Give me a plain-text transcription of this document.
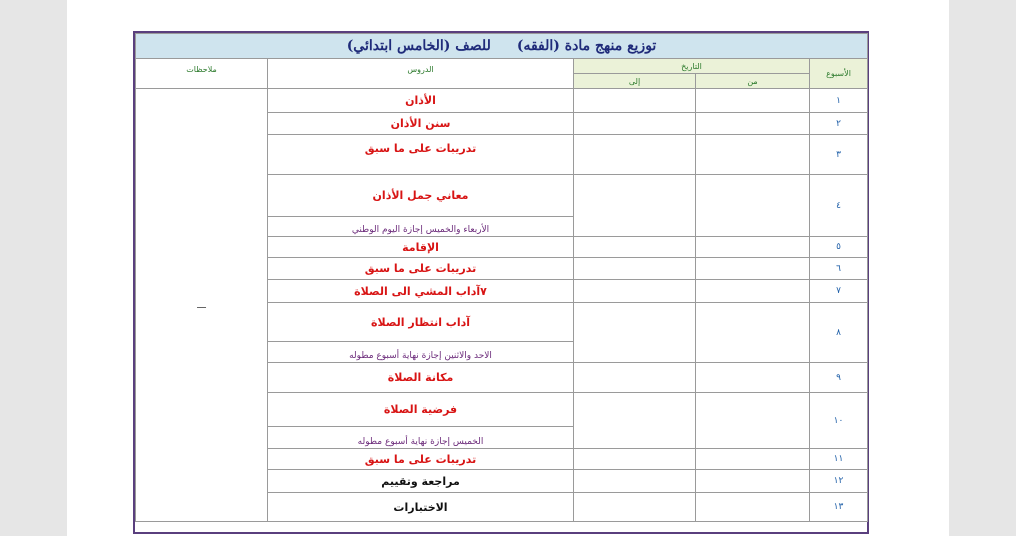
توزيع منهج مادة (الفقه)للصف (الخامس ابتدائي)				
الأسبوع	التاريخ		الدروس	ملاحظات
	من	إلى		
١			الأذان	ـــ
٢			سنن الأذان	
٣			تدريبات على ما سبق	
٤			معاني جمل الأذان	
			الأربعاء والخميس إجازة اليوم الوطني	
٥			الإقامة	
٦			تدريبات على ما سبق	
٧			٧آداب المشي الى الصلاة	
٨			آداب انتظار الصلاة	
			الاحد والاثنين إجازة نهاية أسبوع مطوله	
٩			مكانة الصلاة	
١٠			فرضية الصلاة	
			الخميس إجازة نهاية أسبوع مطوله	
١١			تدريبات على ما سبق	
١٢			مراجعة وتقييم	
١٣			الاختبارات	
